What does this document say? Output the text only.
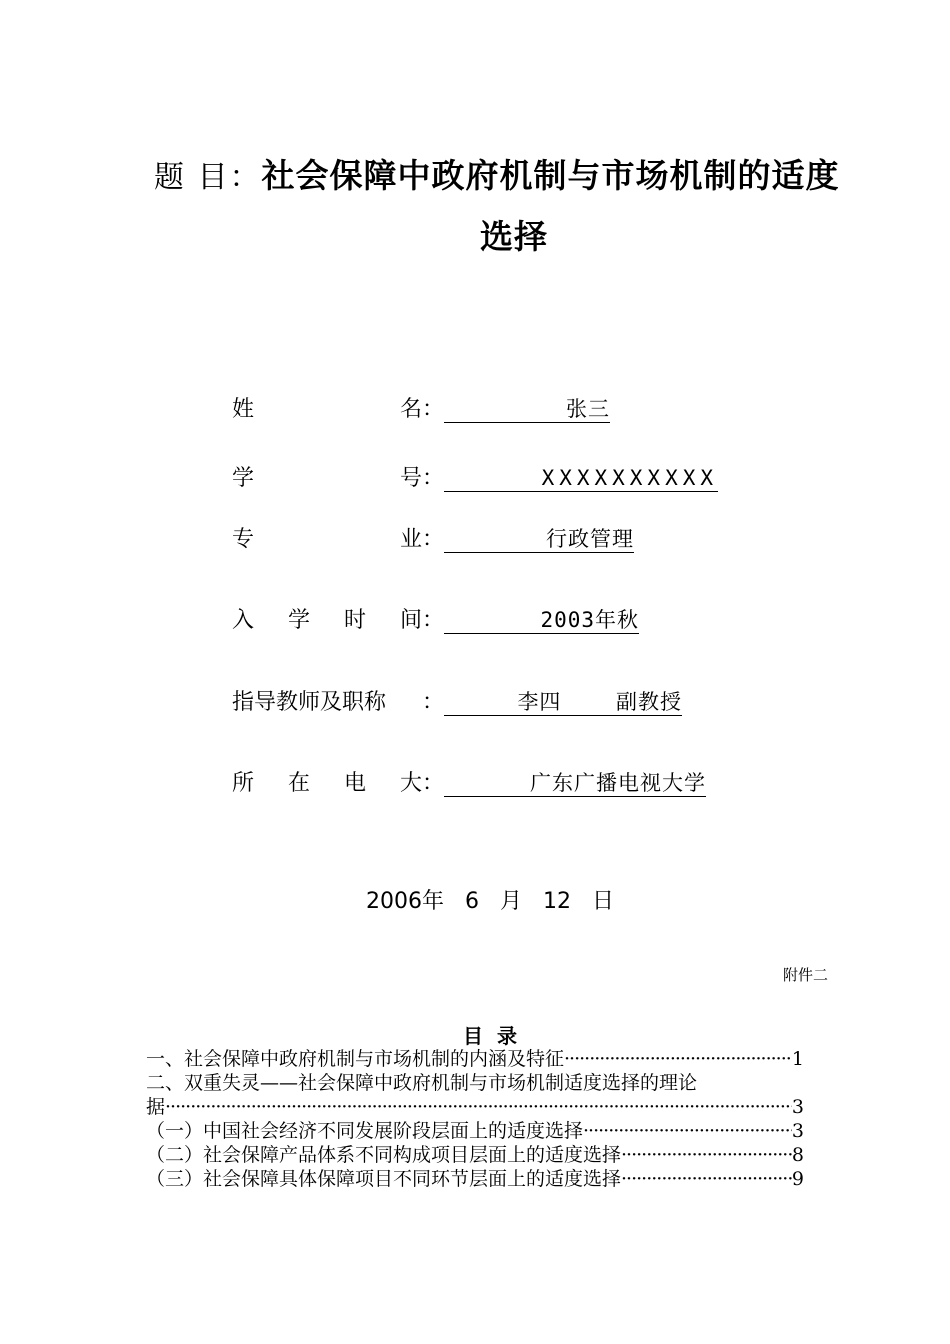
题 目： 社会保障中政府机制与市场机制的适度
选择
姓	名 ：	张三
学	号 ：	XXXXXXXXXX
专	业 ：	行政管理
入 学 时 间 ：	2003年秋
指导教师及职称 ：	李四    副教授
所 在 电 大 ：	广东广播电视大学
2006年   6   月   12   日
附件二
目  录
一、社会保障中政府机制与市场机制的内涵及特征 ·····	1
二、双重失灵——社会保障中政府机制与市场机制适度选择的理论
据 ·····	3
（一）中国社会经济不同发展阶段层面上的适度选择 ·····	3
（二）社会保障产品体系不同构成项目层面上的适度选择 ·····	8
（三）社会保障具体保障项目不同环节层面上的适度选择 ·····	9
